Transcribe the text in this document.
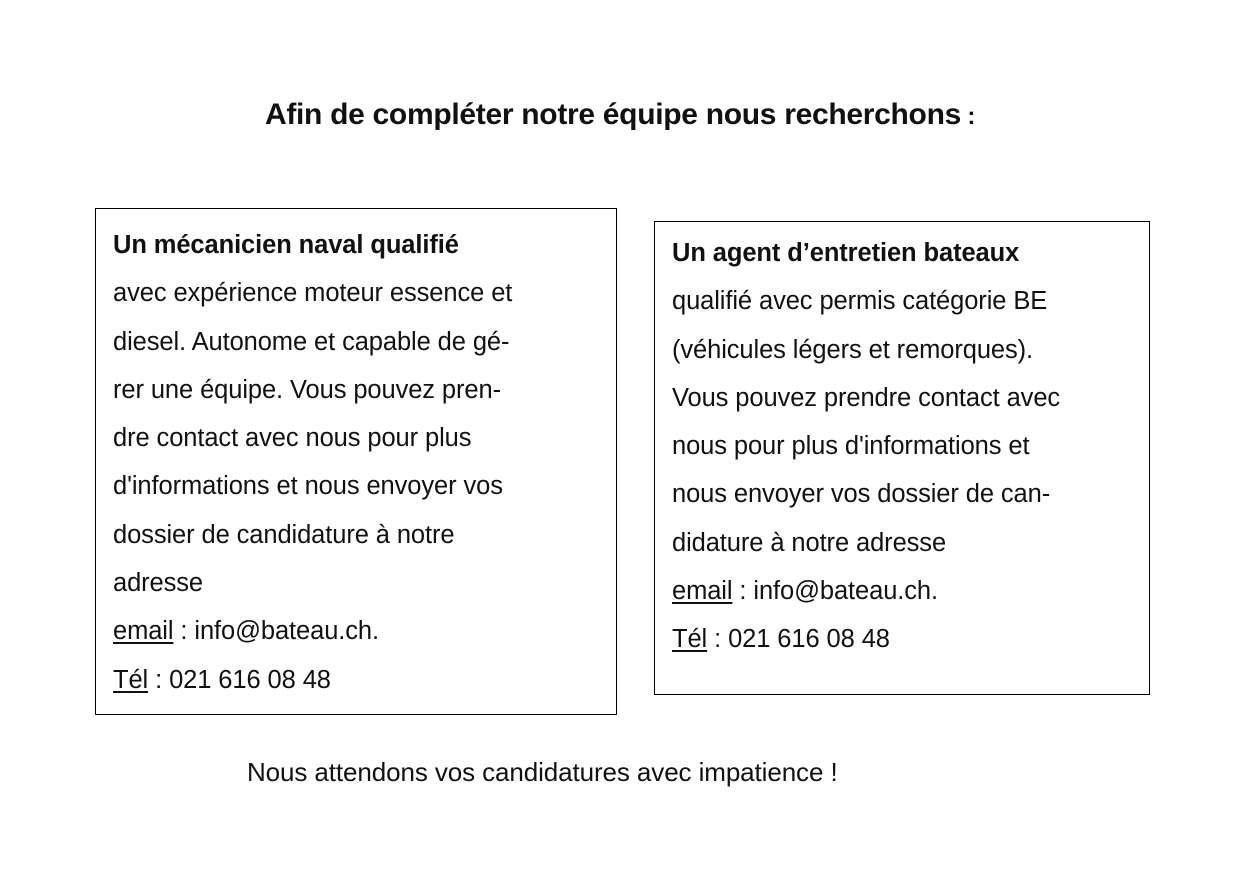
Afin de compléter notre équipe nous recherchons :
Un mécanicien naval qualifié
avec expérience moteur essence et
diesel. Autonome et capable de gé-
rer une équipe. Vous pouvez pren-
dre contact avec nous pour plus
d'informations et nous envoyer vos
dossier de candidature à notre
adresse
email : info@bateau.ch.
Tél : 021 616 08 48
Un agent d’entretien bateaux
qualifié avec permis catégorie BE
(véhicules légers et remorques).
Vous pouvez prendre contact avec
nous pour plus d'informations et
nous envoyer vos dossier de can-
didature à notre adresse
email : info@bateau.ch.
Tél : 021 616 08 48
Nous attendons vos candidatures avec impatience !
